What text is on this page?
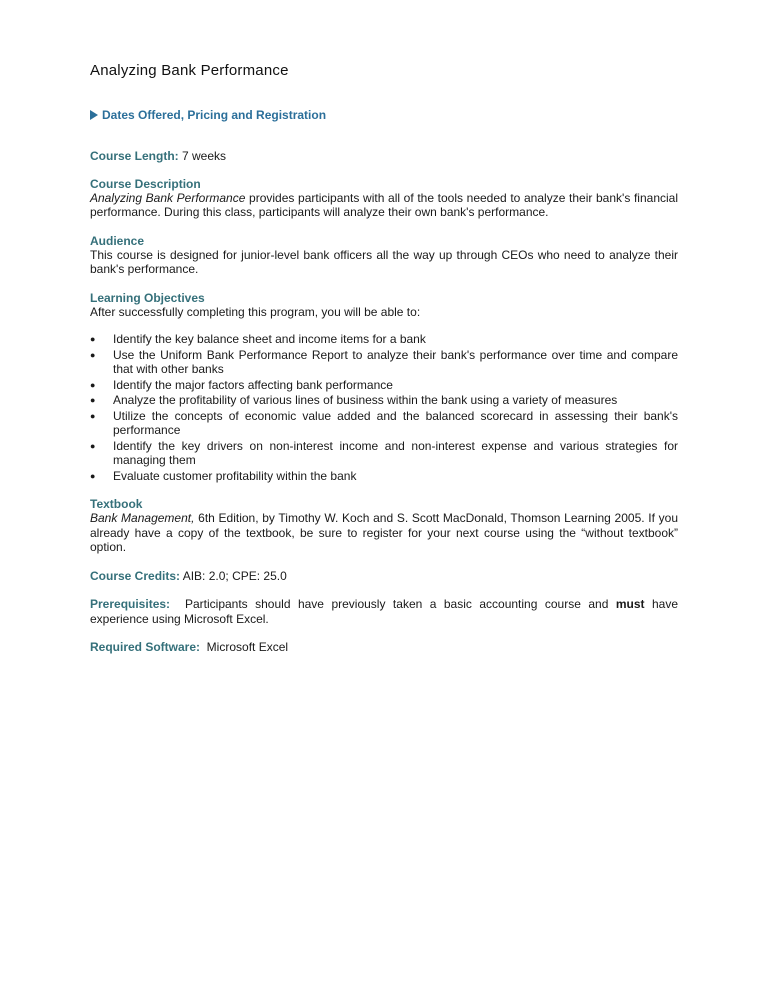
Analyzing Bank Performance
Dates Offered, Pricing and Registration
Course Length: 7 weeks
Course Description
Analyzing Bank Performance provides participants with all of the tools needed to analyze their bank's financial performance. During this class, participants will analyze their own bank's performance.
Audience
This course is designed for junior-level bank officers all the way up through CEOs who need to analyze their bank's performance.
Learning Objectives
After successfully completing this program, you will be able to:
● Identify the key balance sheet and income items for a bank
● Use the Uniform Bank Performance Report to analyze their bank's performance over time and compare that with other banks
● Identify the major factors affecting bank performance
● Analyze the profitability of various lines of business within the bank using a variety of measures
● Utilize the concepts of economic value added and the balanced scorecard in assessing their bank's performance
● Identify the key drivers on non-interest income and non-interest expense and various strategies for managing them
● Evaluate customer profitability within the bank
Textbook
Bank Management, 6th Edition, by Timothy W. Koch and S. Scott MacDonald, Thomson Learning 2005. If you already have a copy of the textbook, be sure to register for your next course using the “without textbook” option.
Course Credits: AIB: 2.0; CPE: 25.0
Prerequisites:  Participants should have previously taken a basic accounting course and must have experience using Microsoft Excel.
Required Software:  Microsoft Excel
